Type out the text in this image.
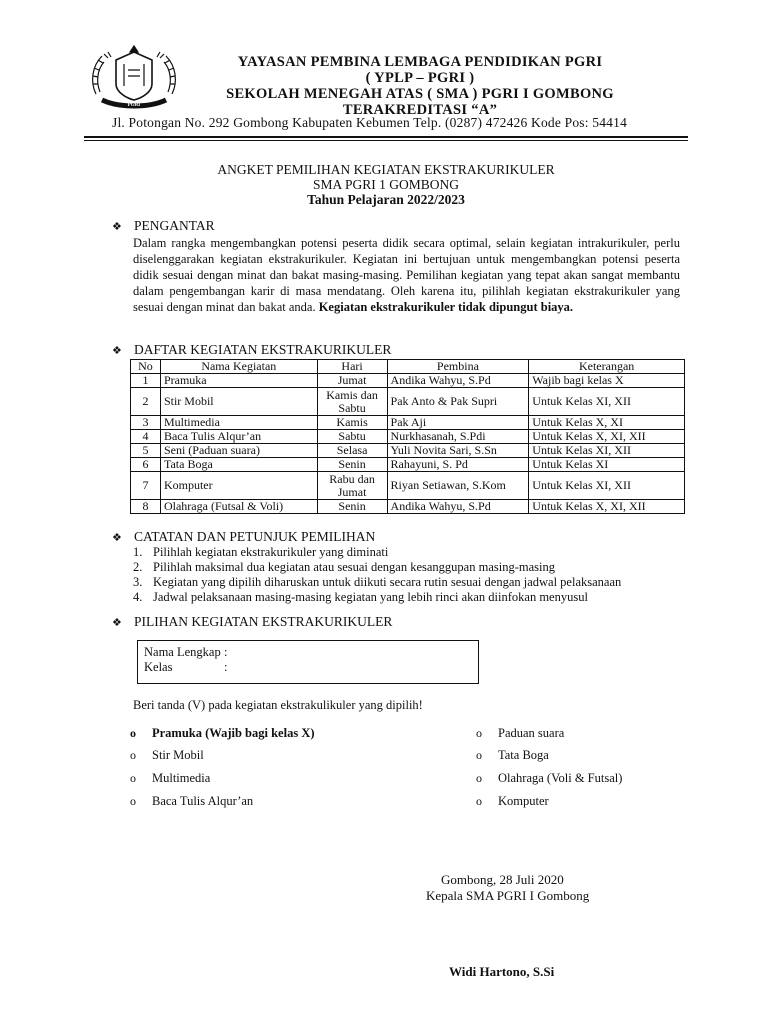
PGRI
YAYASAN PEMBINA LEMBAGA PENDIDIKAN PGRI
( YPLP – PGRI )
SEKOLAH MENEGAH ATAS ( SMA ) PGRI I GOMBONG
TERAKREDITASI “A”
Jl. Potongan No. 292 Gombong Kabupaten Kebumen Telp. (0287) 472426 Kode Pos: 54414
ANGKET PEMILIHAN KEGIATAN EKSTRAKURIKULER
SMA PGRI 1 GOMBONG
Tahun Pelajaran 2022/2023
❖ PENGANTAR
Dalam rangka mengembangkan potensi peserta didik secara optimal, selain kegiatan intrakurikuler, perlu diselenggarakan kegiatan ekstrakurikuler. Kegiatan ini bertujuan untuk mengembangkan potensi peserta didik sesuai dengan minat dan bakat masing-masing. Pemilihan kegiatan yang tepat akan sangat membantu dalam pengembangan karir di masa mendatang. Oleh karena itu, pilihlah kegiatan ekstrakurikuler yang sesuai dengan minat dan bakat anda. Kegiatan ekstrakurikuler tidak dipungut biaya.
❖ DAFTAR KEGIATAN EKSTRAKURIKULER
No	Nama Kegiatan	Hari	Pembina	Keterangan
1	Pramuka	Jumat	Andika Wahyu, S.Pd	Wajib bagi kelas X
2	Stir Mobil	Kamis dan Sabtu	Pak Anto & Pak Supri	Untuk Kelas XI, XII
3	Multimedia	Kamis	Pak Aji	Untuk Kelas X, XI
4	Baca Tulis Alqur’an	Sabtu	Nurkhasanah, S.Pdi	Untuk Kelas X, XI, XII
5	Seni (Paduan suara)	Selasa	Yuli Novita Sari, S.Sn	Untuk Kelas XI, XII
6	Tata Boga	Senin	Rahayuni, S. Pd	Untuk Kelas XI
7	Komputer	Rabu dan Jumat	Riyan Setiawan, S.Kom	Untuk Kelas XI, XII
8	Olahraga (Futsal & Voli)	Senin	Andika Wahyu, S.Pd	Untuk Kelas X, XI, XII
❖ CATATAN DAN PETUNJUK PEMILIHAN
1. Pilihlah kegiatan ekstrakurikuler yang diminati
2. Pilihlah maksimal dua kegiatan atau sesuai dengan kesanggupan masing-masing
3. Kegiatan yang dipilih diharuskan untuk diikuti secara rutin sesuai dengan jadwal pelaksanaan
4. Jadwal pelaksanaan masing-masing kegiatan yang lebih rinci akan diinfokan menyusul
❖ PILIHAN KEGIATAN EKSTRAKURIKULER
Nama Lengkap :
Kelas	:
Beri tanda (V) pada kegiatan ekstrakulikuler yang dipilih!
o	Pramuka (Wajib bagi kelas X)
o	Stir Mobil
o	Multimedia
o	Baca Tulis Alqur’an
o	Paduan suara
o	Tata Boga
o	Olahraga (Voli & Futsal)
o	Komputer
Gombong, 28 Juli 2020
Kepala SMA PGRI I Gombong
Widi Hartono, S.Si
